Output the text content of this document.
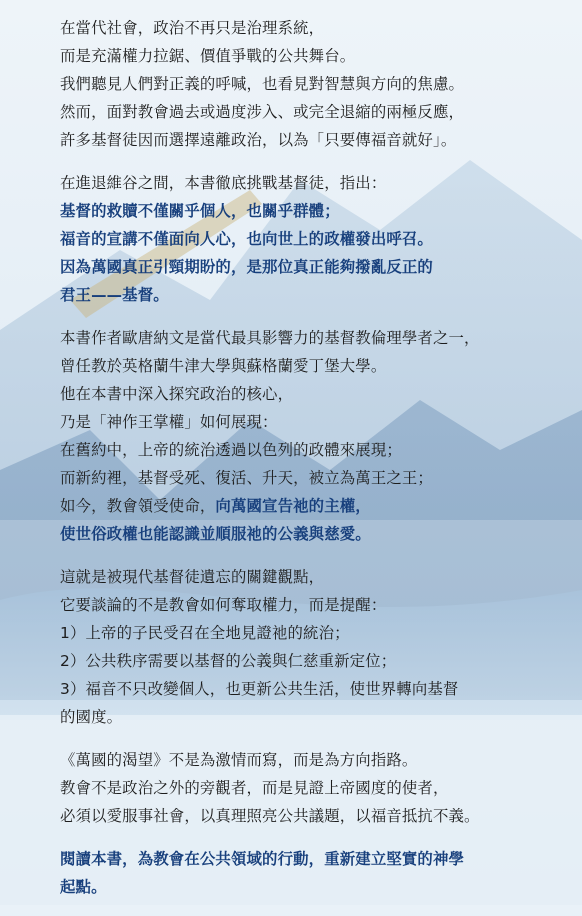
在當代社會，政治不再只是治理系統，
而是充滿權力拉鋸、價值爭戰的公共舞台。
我們聽見人們對正義的呼喊，也看見對智慧與方向的焦慮。
然而，面對教會過去或過度涉入、或完全退縮的兩極反應，
許多基督徒因而選擇遠離政治，以為「只要傳福音就好」。
在進退維谷之間，本書徹底挑戰基督徒，指出：
基督的救贖不僅關乎個人，也關乎群體；
福音的宣講不僅面向人心，也向世上的政權發出呼召。
因為萬國真正引頸期盼的，是那位真正能夠撥亂反正的
君王——基督。
本書作者歐唐納文是當代最具影響力的基督教倫理學者之一，
曾任教於英格蘭牛津大學與蘇格蘭愛丁堡大學。
他在本書中深入探究政治的核心，
乃是「神作王掌權」如何展現：
在舊約中，上帝的統治透過以色列的政體來展現；
而新約裡，基督受死、復活、升天，被立為萬王之王；
如今，教會領受使命，向萬國宣告祂的主權，
使世俗政權也能認識並順服祂的公義與慈愛。
這就是被現代基督徒遺忘的關鍵觀點，
它要談論的不是教會如何奪取權力，而是提醒：
1）上帝的子民受召在全地見證祂的統治；
2）公共秩序需要以基督的公義與仁慈重新定位；
3）福音不只改變個人，也更新公共生活，使世界轉向基督
的國度。
《萬國的渴望》不是為激情而寫，而是為方向指路。
教會不是政治之外的旁觀者，而是見證上帝國度的使者，
必須以愛服事社會，以真理照亮公共議題，以福音抵抗不義。
閱讀本書，為教會在公共領域的行動，重新建立堅實的神學
起點。
